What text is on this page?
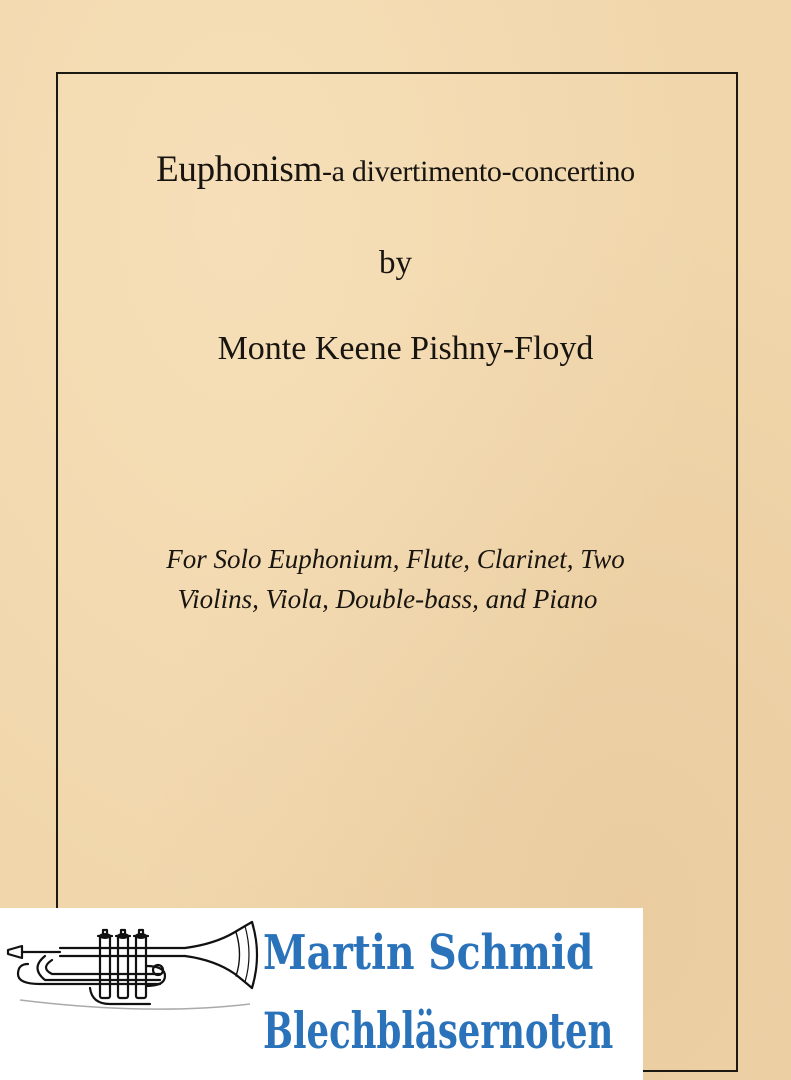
Euphonism-a divertimento-concertino
by
Monte Keene Pishny-Floyd
For Solo Euphonium, Flute, Clarinet, Two
Violins, Viola, Double-bass, and Piano
Martin Schmid
Blechbläsernoten
